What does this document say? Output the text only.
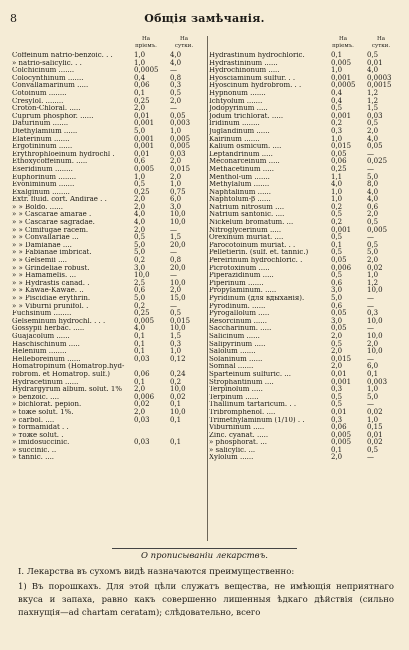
8	Общiя замѣчанiя.
На
прiемъ.
На
сутки.
Coffeinum natrio-benzoic. . .	1,0	4,0
» natrio-salicylic. . .	1,0	4,0
Colchicinum .......	0,0005	—
Coloсynthinum .......	0,4	0,8
Convallamarinum .....	0,06	0,3
Cotoinum ........	0,1	0,5
Cresylol. ........	0,25	2,0
Croton-Chloral. .....	2,0	—
Cuprum phosphor. ......	0,01	0,05
Daturinum .......	0,001	0,003
Diethylamium ......	5,0	1,0
Elaterinum .......	0,001	0,005
Ergotininum ......	0,001	0,005
Erythrophlоeinum hydrochl .	0,01	0,03
Ethoxycoffeinum. .....	0,6	2,0
Eseridinum ........	0,005	0,015
Euphorinum ........	1,0	2,0
Evoniminum .......	0,5	1,0
Exalginum ........	0,25	0,75
Extr. fluid. cort. Andirae . .	2,0	6,0
» » Boldo. ......	2,0	3,0
» » Cascarae amarae .	4,0	10,0
» » Cascarae sagradae.	4,0	10,0
» » Cimifugae racem.	2,0	—
» » Convallariae ...	0,5	1,5
» » Damianae ....	5,0	20,0
» » Fabianae imbricat.	5,0	—
» » Gelsemii ....	0,2	0,8
» » Grindeliae robust.	3,0	20,0
» » Hamamelis. ...	10,0	—
» » Hydrastis canad. .	2,5	10,0
» » Kawae-Kawae. ..	0,6	2,0
» » Piscidiae erythrin.	5,0	15,0
» » Viburni prunifol. .	0,2	—
Fuchsinum ........	0,25	0,5
Gelseminum hydrochl. . . .	0,005	0,015
Gossypii herbac. .....	4,0	10,0
Guajacolum ......	0,1	1,5
Haschischinum .....	0,1	0,3
Helenium ........	0,1	1,0
Helleboreinum ......	0,03	0,12
Homatropinum (Homatrop.hyd-
robrom. et Homatrop. sulf.)	0,06	0,24
Hydracetinum ......	0,1	0,2
Hydrargyrum album. solut. 1%	2,0	10,0
» benzoic. ....	0,006	0,02
» bichlorat. pepion.	0,02	0,1
» tоже solut. 1%.	2,0	10,0
» carbol. ....	0,03	0,1
» formamidat . .
» тоже solut. .
» imidosuccinic.	0,03	0,1
» succinic. ..
» tannic. ....
На
прiемъ.
На
сутки.
Hydrastinum hydrochloric.	0,1	0,5
Hydrastininum ......	0,005	0,01
Hydrochinonum .....	1,0	4,0
Hyosciaminum sulfur. . .	0,001	0,0003
Hyoscinum hydrobrom. . .	0,0005	0,0015
Hypnonum .......	0,4	1,2
Ichtyolum .......	0,4	1,2
Jodopyrinum .....	0,5	1,5
Jodum trichlorat. .....	0,001	0,03
Iridinum ........	0,2	0,5
Juglandinum ......	0,3	2,0
Kairinum .......	1,0	4,0
Kalium osmicum. ....	0,015	0,05
Leptandrinum .....	0,05	—
Meconarceinum .....	0,06	0,025
Methacetinum .....	0,25	—
Menthol-um .......	1,1	5,0
Methylalum .......	4,0	8,0
Naphtalinum ......	1,0	4,0
Naphtolum-β ......	1,0	4,0
Natrium nitrosum ....	0,2	0,6
Natrium santonic. ....	0,5	2,0
Nickelum bromatum. ...	0,2	0,5
Nitroglycerinum .....	0,001	0,005
Orexinum muriat. ....	0,5	—
Parocotoinum muriat. . .	0,1	0,5
Pelletierin. (sulf. et. tannic.)	0,5	5,0
Pereirinum hydrochloric. .	0,05	2,0
Picrotoxinum .....	0,006	0,02
Piperazidinum .....	0,5	1,0
Piperinum .......	0,6	1,2
Propylaminum. .....	3,0	10,0
Pyridinum (для вдыханія).	5,0	—
Pyrodinum. ......	0,6	—
Pyrogallolum .....	0,05	0,3
Resorcinum ......	3,0	10,0
Saccharinum. .....	0,05	—
Salicinum ......	2,0	10,0
Salipyrinum .....	0,5	2,0
Salolum .......	2,0	10,0
Solaninum ......	0,015	—
Somnal .......	2,0	6,0
Sparteinum sulfuric. ...	0,01	0,1
Strophantinum ....	0,001	0,003
Terpinolum .....	0,3	1,0
Terpinum ......	0,5	5,0
Thallinum tartaricum. . .	0,5	—
Tribromphenol. ....	0,01	0,02
Trimethylaminum (1/10) . .	0,3	1,0
Viburninum .....	0,06	0,15
Zinc. cyanat. .....	0,005	0,01
» phosphorat. ...	0,005	0,02
» salicylic. ...	0,1	0,5
Xylolum ......	2,0	—
О прописываніи лекарствъ.
I. Лекарства въ сухомъ видѣ назначаются преимущественно:
1) Въ порошкахъ. Для этой цѣли служатъ вещества, не имѣющія неприятнаго вкуса и запаха, равно какъ совершенно лишенныя ѣдкаго дѣйствія (сильно пахнущія—ad chartam ceratam); слѣдовательно, всего
